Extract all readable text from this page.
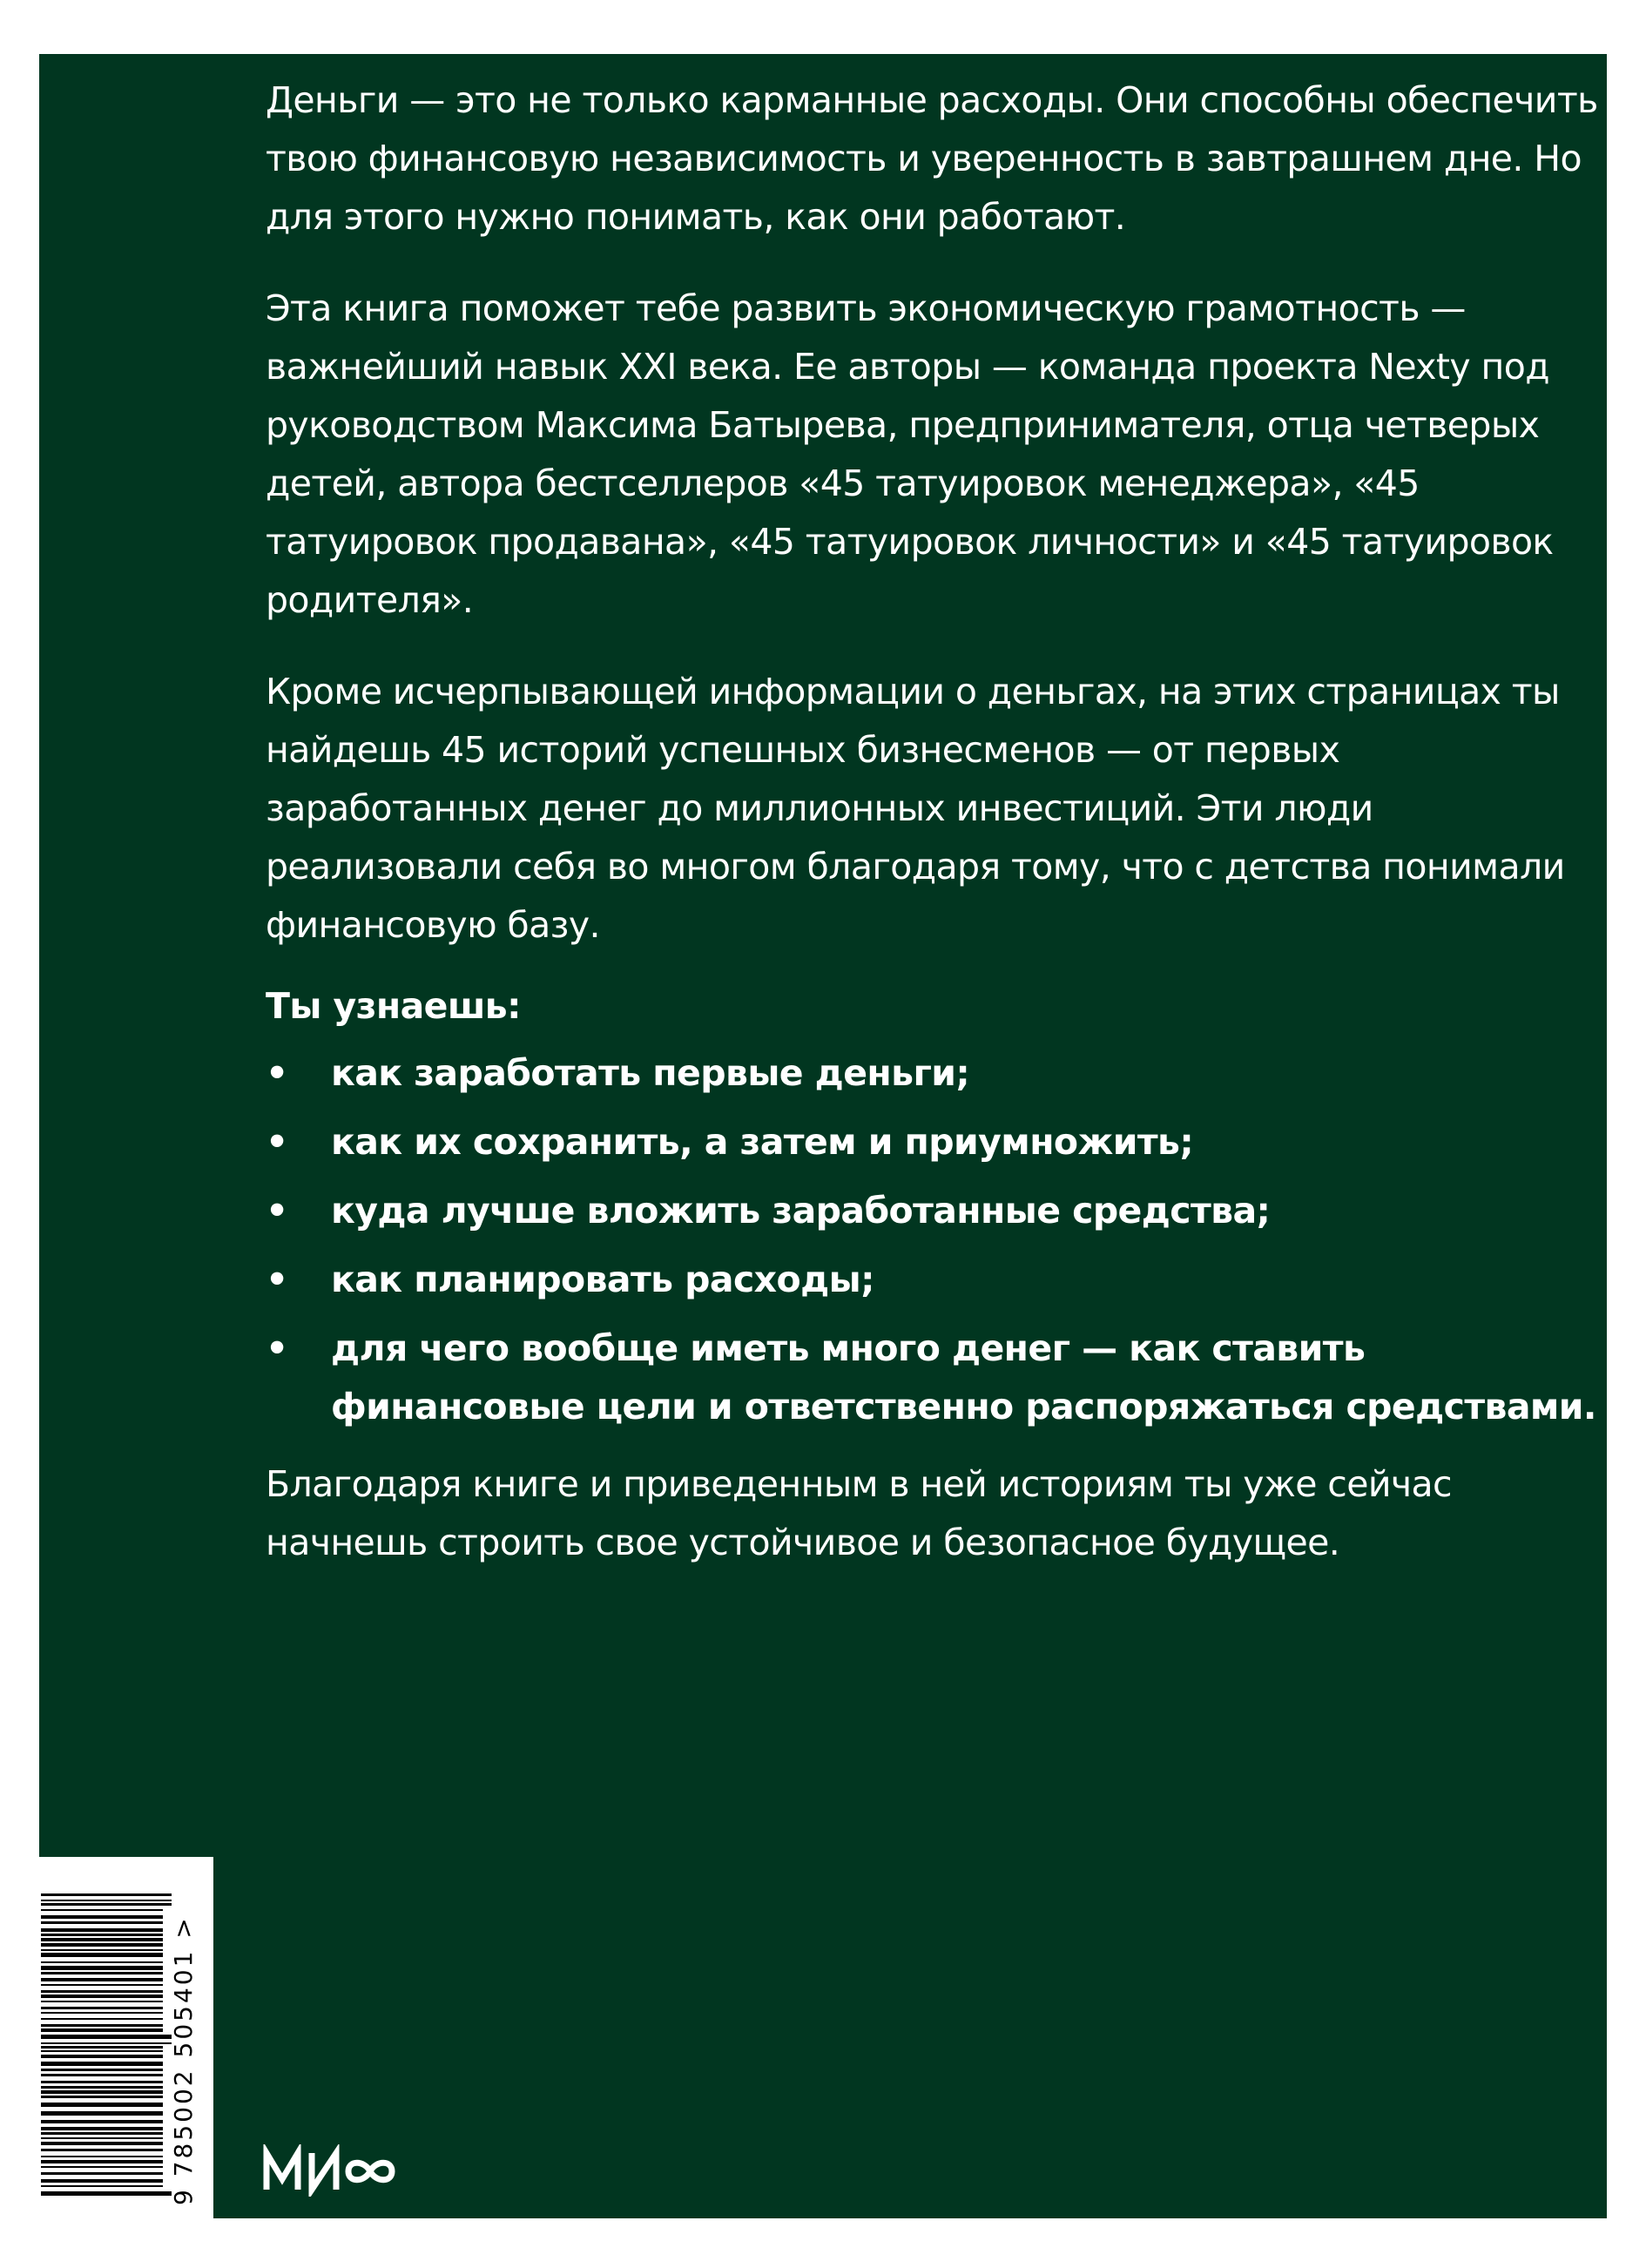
Деньги — это не только карманные расходы. Они способны обеспечить твою финансовую независимость и уверенность в завтрашнем дне. Но для этого нужно понимать, как они работают.

Эта книга поможет тебе развить экономическую грамотность — важнейший навык XXI века. Ее авторы — команда проекта Nexty под руководством Максима Батырева, предпринимателя, отца четверых детей, автора бестселлеров «45 татуировок менеджера», «45 татуировок продавана», «45 татуировок личности» и «45 татуировок родителя».

Кроме исчерпывающей информации о деньгах, на этих страницах ты найдешь 45 историй успешных бизнесменов — от первых заработанных денег до миллионных инвестиций. Эти люди реализовали себя во многом благодаря тому, что с детства понимали финансовую базу.

Ты узнаешь:

• как заработать первые деньги;
• как их сохранить, а затем и приумножить;
• куда лучше вложить заработанные средства;
• как планировать расходы;
• для чего вообще иметь много денег — как ставить финансовые цели и ответственно распоряжаться средствами.

Благодаря книге и приведенным в ней историям ты уже сейчас начнешь строить свое устойчивое и безопасное будущее.

9 785002 505401 >
